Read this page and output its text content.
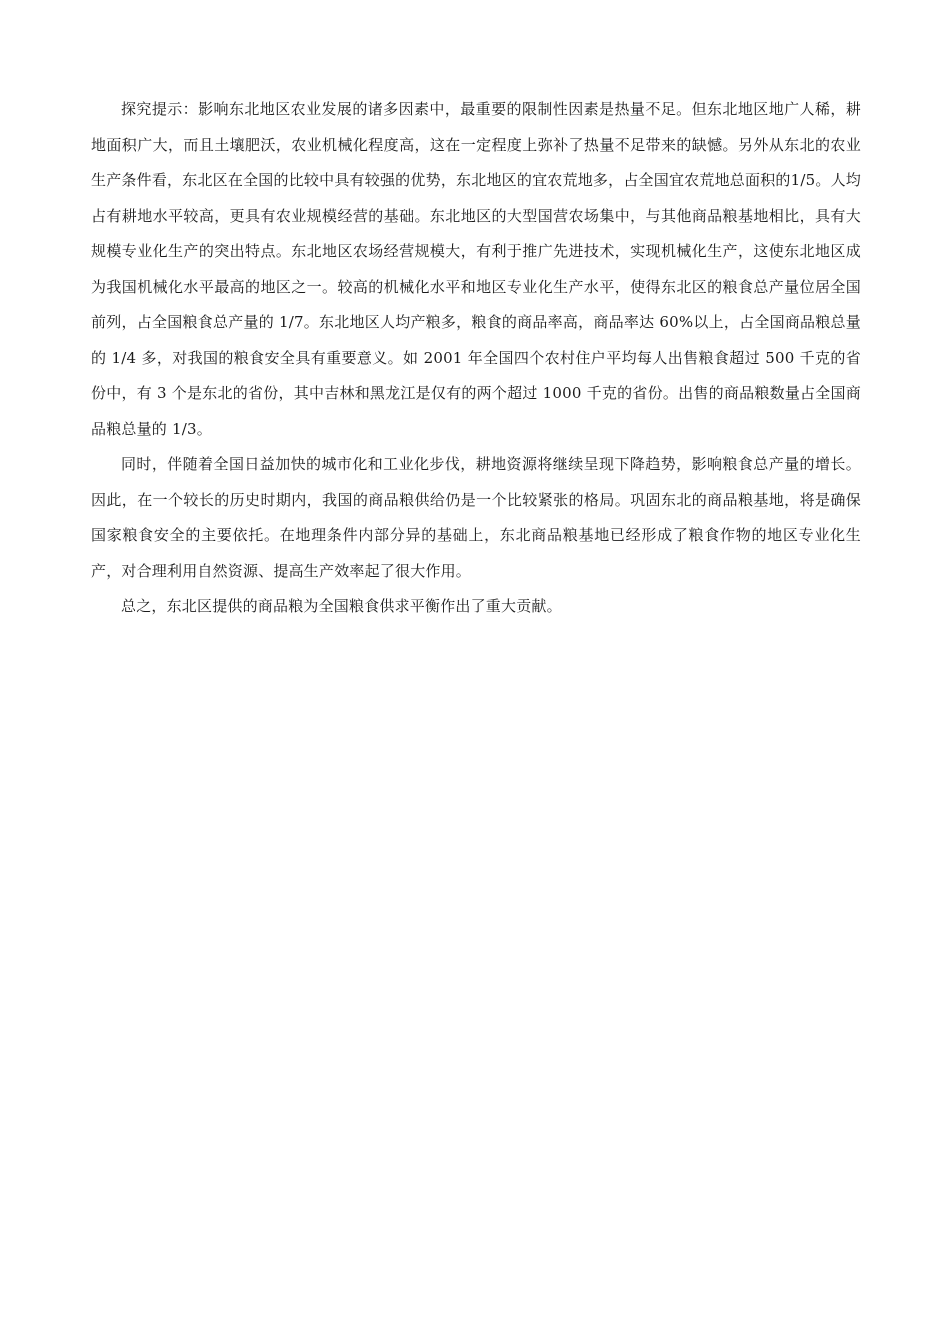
探究提示：影响东北地区农业发展的诸多因素中，最重要的限制性因素是热量不足。但东北地区地广人稀，耕地面积广大，而且土壤肥沃，农业机械化程度高，这在一定程度上弥补了热量不足带来的缺憾。另外从东北的农业生产条件看，东北区在全国的比较中具有较强的优势，东北地区的宜农荒地多，占全国宜农荒地总面积的1/5。人均占有耕地水平较高，更具有农业规模经营的基础。东北地区的大型国营农场集中，与其他商品粮基地相比，具有大规模专业化生产的突出特点。东北地区农场经营规模大，有利于推广先进技术，实现机械化生产，这使东北地区成为我国机械化水平最高的地区之一。较高的机械化水平和地区专业化生产水平，使得东北区的粮食总产量位居全国前列，占全国粮食总产量的 1/7。东北地区人均产粮多，粮食的商品率高，商品率达 60%以上，占全国商品粮总量的 1/4 多，对我国的粮食安全具有重要意义。如 2001 年全国四个农村住户平均每人出售粮食超过 500 千克的省份中，有 3 个是东北的省份，其中吉林和黑龙江是仅有的两个超过 1000 千克的省份。出售的商品粮数量占全国商品粮总量的 1/3。

同时，伴随着全国日益加快的城市化和工业化步伐，耕地资源将继续呈现下降趋势，影响粮食总产量的增长。因此，在一个较长的历史时期内，我国的商品粮供给仍是一个比较紧张的格局。巩固东北的商品粮基地，将是确保国家粮食安全的主要依托。在地理条件内部分异的基础上，东北商品粮基地已经形成了粮食作物的地区专业化生产，对合理利用自然资源、提高生产效率起了很大作用。

总之，东北区提供的商品粮为全国粮食供求平衡作出了重大贡献。
